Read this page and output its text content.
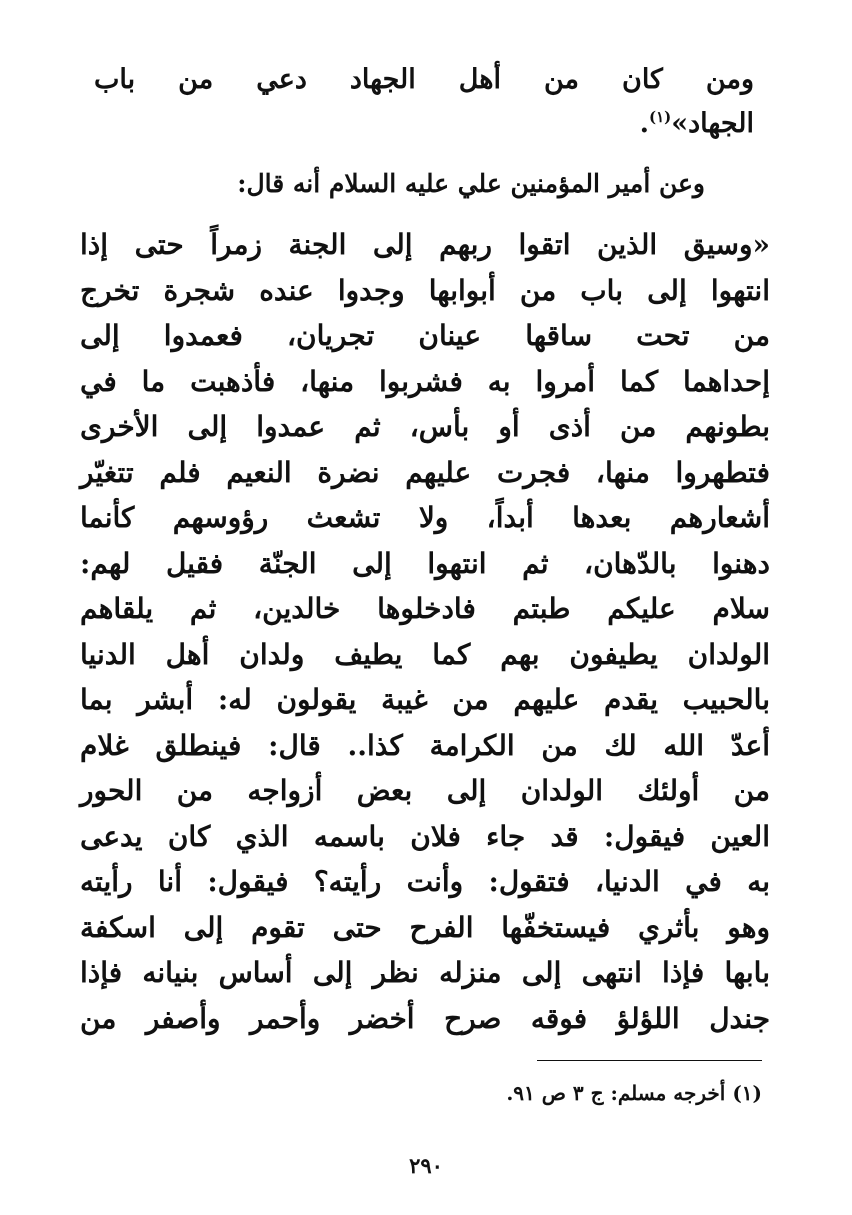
ومن كان من أهل الجهاد دعي من باب
الجهاد»$^{(١)}$.
وعن أمير المؤمنين علي عليه السلام أنه قال:
«وسيق الذين اتقوا ربهم إلى الجنة زمراً حتى إذا
انتهوا إلى باب من أبوابها وجدوا عنده شجرة تخرج
من تحت ساقها عينان تجريان، فعمدوا إلى
إحداهما كما أمروا به فشربوا منها، فأذهبت ما في
بطونهم من أذى أو بأس، ثم عمدوا إلى الأخرى
فتطهروا منها، فجرت عليهم نضرة النعيم فلم تتغيّر
أشعارهم بعدها أبداً، ولا تشعث رؤوسهم كأنما
دهنوا بالدّهان، ثم انتهوا إلى الجنّة فقيل لهم:
سلام عليكم طبتم فادخلوها خالدين، ثم يلقاهم
الولدان يطيفون بهم كما يطيف ولدان أهل الدنيا
بالحبيب يقدم عليهم من غيبة يقولون له: أبشر بما
أعدّ الله لك من الكرامة كذا.. قال: فينطلق غلام
من أولئك الولدان إلى بعض أزواجه من الحور
العين فيقول: قد جاء فلان باسمه الذي كان يدعى
به في الدنيا، فتقول: وأنت رأيته؟ فيقول: أنا رأيته
وهو بأثري فيستخفّها الفرح حتى تقوم إلى اسكفة
بابها فإذا انتهى إلى منزله نظر إلى أساس بنيانه فإذا
جندل اللؤلؤ فوقه صرح أخضر وأحمر وأصفر من
(١) أخرجه مسلم: ج ٣ ص ٩١.
٢٩٠
